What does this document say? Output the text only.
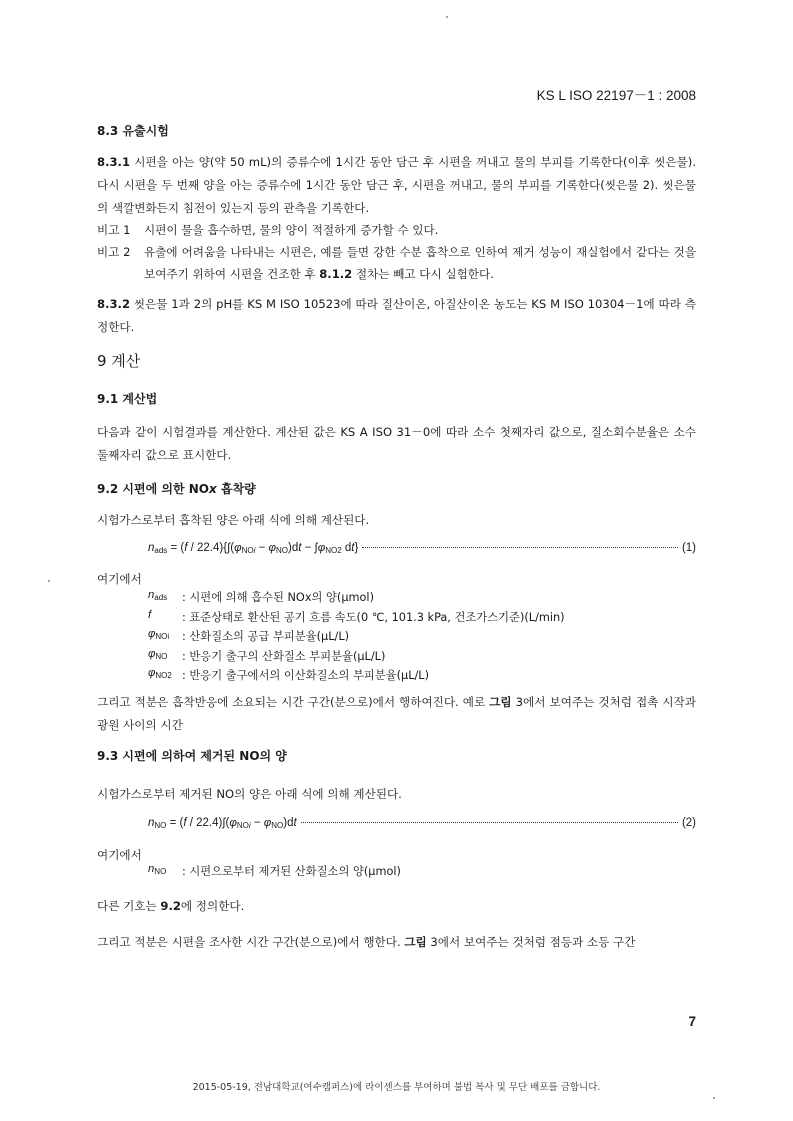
KS L ISO 22197－1 : 2008
8.3 유출시험
8.3.1 시편을 아는 양(약 50 mL)의 증류수에 1시간 동안 담근 후 시편을 꺼내고 물의 부피를 기록한다(이후 씻은물). 다시 시편을 두 번째 양을 아는 증류수에 1시간 동안 담근 후, 시편을 꺼내고, 물의 부피를 기록한다(씻은물 2). 씻은물의 색깔변화든지 침전이 있는지 등의 관측을 기록한다.
비고 1	시편이 물을 흡수하면, 물의 양이 적절하게 증가할 수 있다.
비고 2	유출에 어려움을 나타내는 시편은, 예를 들면 강한 수분 흡착으로 인하여 제거 성능이 재실험에서 같다는 것을 보여주기 위하여 시편을 건조한 후 8.1.2 절차는 빼고 다시 실험한다.
8.3.2 씻은물 1과 2의 pH를 KS M ISO 10523에 따라 질산이온, 아질산이온 농도는 KS M ISO 10304－1에 따라 측정한다.
9 계산
9.1 계산법
다음과 같이 시험결과를 계산한다. 계산된 값은 KS A ISO 31－0에 따라 소수 첫째자리 값으로, 질소회수분율은 소수 둘째자리 값으로 표시한다.
9.2 시편에 의한 NOx 흡착량
시험가스로부터 흡착된 양은 아래 식에 의해 계산된다.
$n_{ads} = (f / 22.4)\{\int(\varphi_{NOi} - \varphi_{NO})dt - \int\varphi_{NO2}$ dt}	(1)
여기에서
$n_{ads}$	: 시편에 의해 흡수된 NOx의 양(μmol)
f	: 표준상태로 환산된 공기 흐름 속도(0 ℃, 101.3 kPa, 건조가스기준)(L/min)
$\varphi_{NOi}$	: 산화질소의 공급 부피분율(μL/L)
$\varphi_{NO}$	: 반응기 출구의 산화질소 부피분율(μL/L)
$\varphi_{NO2}$ : 반응기 출구에서의 이산화질소의 부피분율(μL/L)
그리고 적분은 흡착반응에 소요되는 시간 구간(분으로)에서 행하여진다. 예로 그림 3에서 보여주는 것처럼 접촉 시작과 광원 사이의 시간
9.3 시편에 의하여 제거된 NO의 양
시험가스로부터 제거된 NO의 양은 아래 식에 의해 계산된다.
$n_{NO} = (f / 22.4)\int(\varphi_{NOi} - \varphi_{NO})dt$	(2)
여기에서
$n_{NO}$	: 시편으로부터 제거된 산화질소의 양(μmol)
다른 기호는 9.2에 정의한다.
그리고 적분은 시편을 조사한 시간 구간(분으로)에서 행한다. 그림 3에서 보여주는 것처럼 점등과 소등 구간
7
2015-05-19, 전남대학교(여수캠퍼스)에 라이센스를 부여하며 불법 복사 및 무단 배포를 금합니다.
